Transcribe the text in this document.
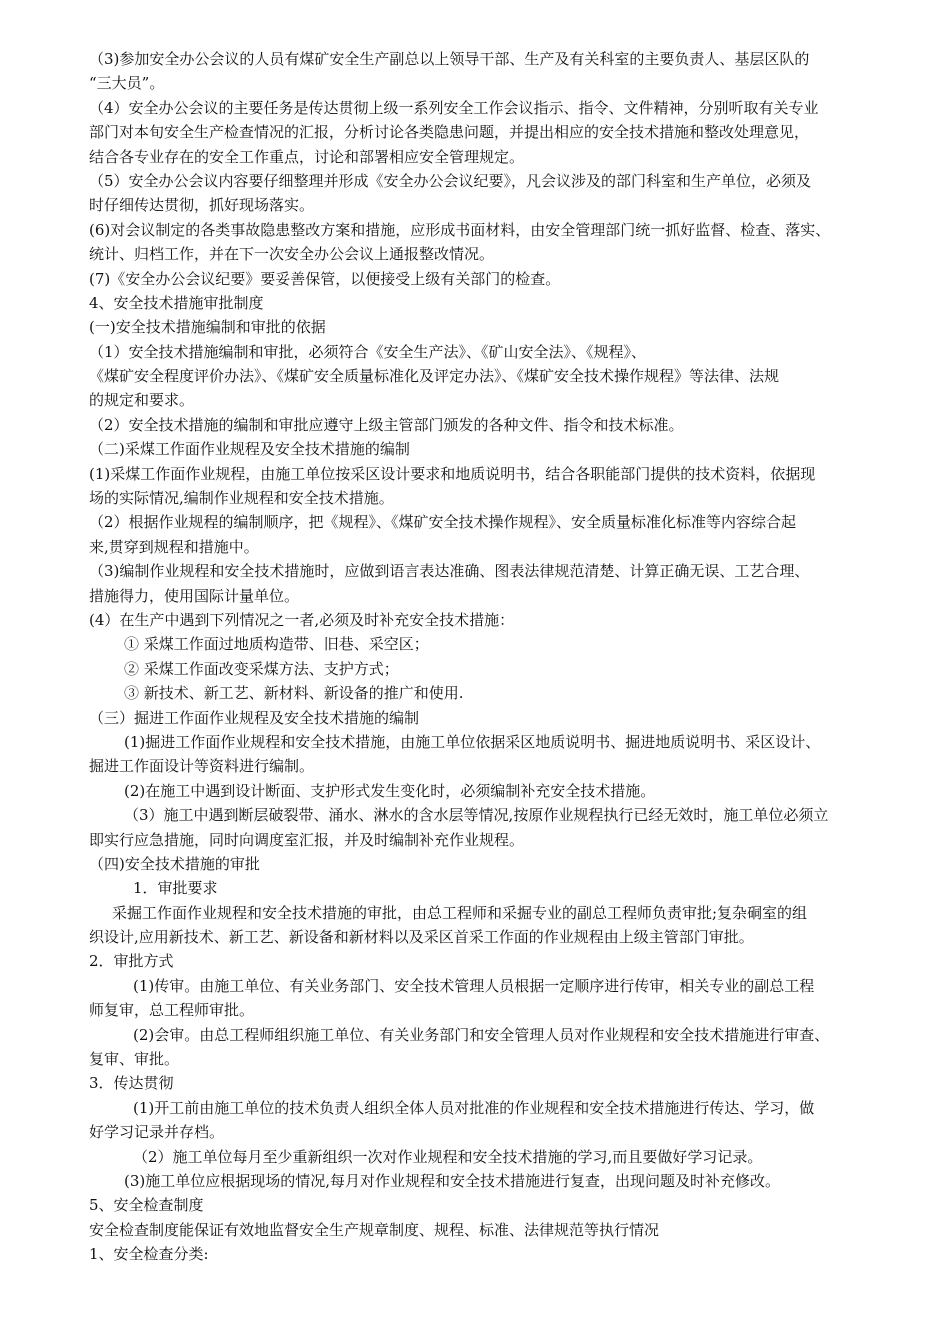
（3)参加安全办公会议的人员有煤矿安全生产副总以上领导干部、生产及有关科室的主要负责人、基层区队的
“三大员”。
（4）安全办公会议的主要任务是传达贯彻上级一系列安全工作会议指示、指令、文件精神，分别听取有关专业
部门对本旬安全生产检查情况的汇报，分析讨论各类隐患问题，并提出相应的安全技术措施和整改处理意见，
结合各专业存在的安全工作重点，讨论和部署相应安全管理规定。
（5）安全办公会议内容要仔细整理并形成《安全办公会议纪要》，凡会议涉及的部门科室和生产单位，必须及
时仔细传达贯彻，抓好现场落实。
(6)对会议制定的各类事故隐患整改方案和措施，应形成书面材料，由安全管理部门统一抓好监督、检查、落实、
统计、归档工作，并在下一次安全办公会议上通报整改情况。
(7)《安全办公会议纪要》要妥善保管，以便接受上级有关部门的检查。
4、安全技术措施审批制度
(一)安全技术措施编制和审批的依据
（1）安全技术措施编制和审批，必须符合《安全生产法》、《矿山安全法》、《规程》、
《煤矿安全程度评价办法》、《煤矿安全质量标准化及评定办法》、《煤矿安全技术操作规程》等法律、法规
的规定和要求。
（2）安全技术措施的编制和审批应遵守上级主管部门颁发的各种文件、指令和技术标准。
（二)采煤工作面作业规程及安全技术措施的编制
(1)采煤工作面作业规程，由施工单位按采区设计要求和地质说明书，结合各职能部门提供的技术资料，依据现
场的实际情况,编制作业规程和安全技术措施。
（2）根据作业规程的编制顺序，把《规程》、《煤矿安全技术操作规程》、安全质量标准化标准等内容综合起
来,贯穿到规程和措施中。
（3)编制作业规程和安全技术措施时，应做到语言表达准确、图表法律规范清楚、计算正确无误、工艺合理、
措施得力，使用国际计量单位。
(4）在生产中遇到下列情况之一者,必须及时补充安全技术措施：
① 采煤工作面过地质构造带、旧巷、采空区；
② 采煤工作面改变采煤方法、支护方式；
③ 新技术、新工艺、新材料、新设备的推广和使用.
（三）掘进工作面作业规程及安全技术措施的编制
(1)掘进工作面作业规程和安全技术措施，由施工单位依据采区地质说明书、掘进地质说明书、采区设计、
掘进工作面设计等资料进行编制。
(2)在施工中遇到设计断面、支护形式发生变化时，必须编制补充安全技术措施。
（3）施工中遇到断层破裂带、涌水、淋水的含水层等情况,按原作业规程执行已经无效时，施工单位必须立
即实行应急措施，同时向调度室汇报，并及时编制补充作业规程。
（四)安全技术措施的审批
1．审批要求
采掘工作面作业规程和安全技术措施的审批，由总工程师和采掘专业的副总工程师负责审批;复杂硐室的组
织设计,应用新技术、新工艺、新设备和新材料以及采区首采工作面的作业规程由上级主管部门审批。
2．审批方式
(1)传审。由施工单位、有关业务部门、安全技术管理人员根据一定顺序进行传审，相关专业的副总工程
师复审，总工程师审批。
(2)会审。由总工程师组织施工单位、有关业务部门和安全管理人员对作业规程和安全技术措施进行审查、
复审、审批。
3．传达贯彻
(1)开工前由施工单位的技术负责人组织全体人员对批准的作业规程和安全技术措施进行传达、学习，做
好学习记录并存档。
（2）施工单位每月至少重新组织一次对作业规程和安全技术措施的学习,而且要做好学习记录。
(3)施工单位应根据现场的情况,每月对作业规程和安全技术措施进行复查，出现问题及时补充修改。
5、安全检查制度
安全检查制度能保证有效地监督安全生产规章制度、规程、标准、法律规范等执行情况
1、安全检查分类:
